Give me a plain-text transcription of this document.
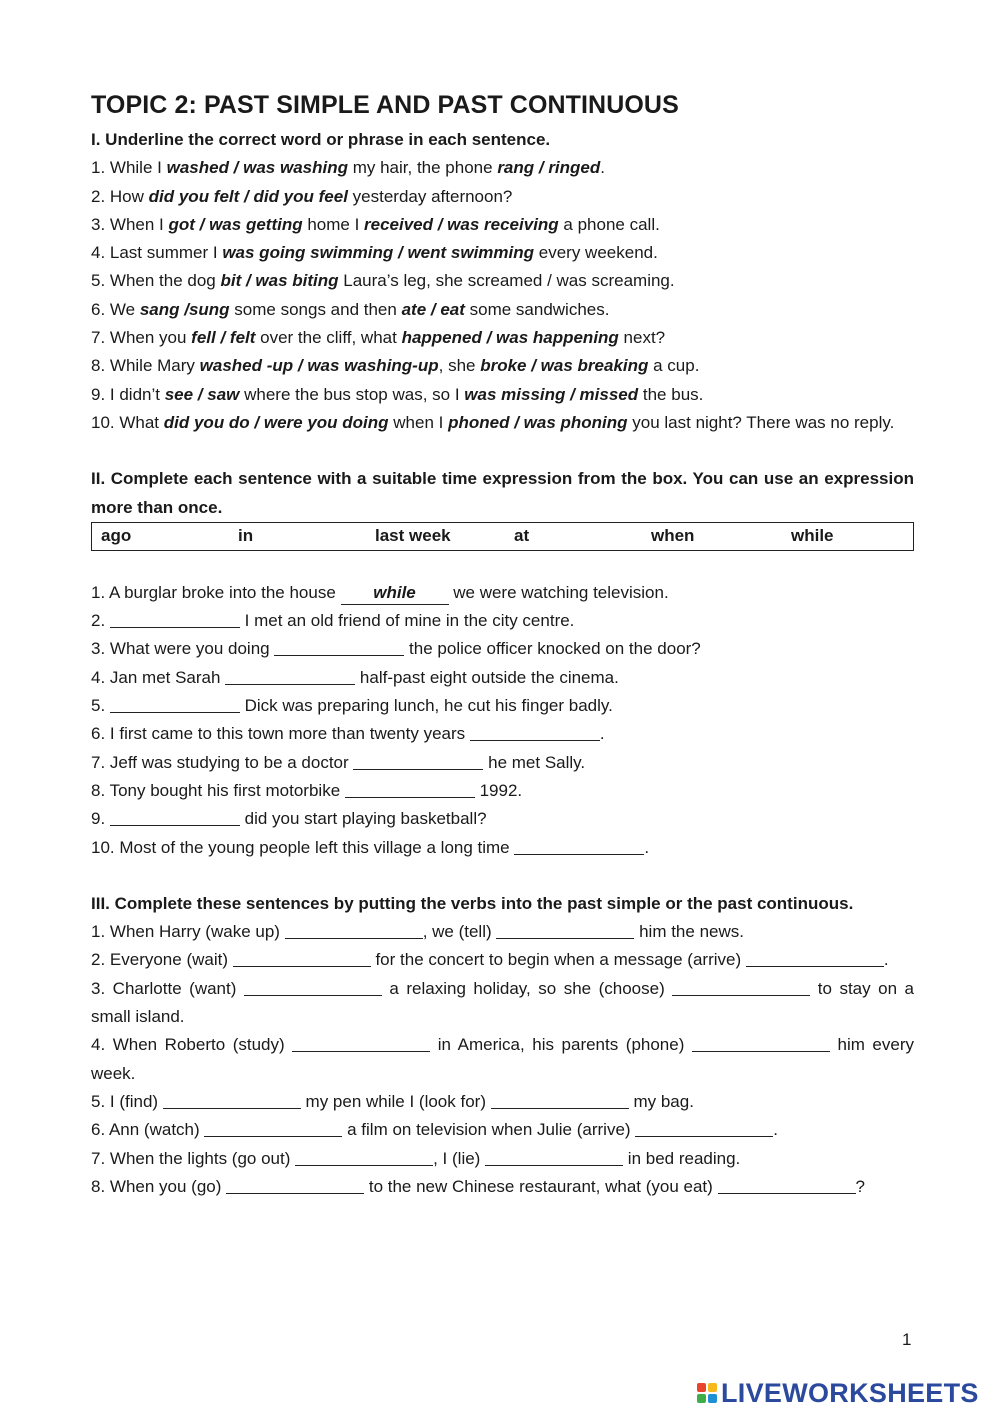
TOPIC 2: PAST SIMPLE AND PAST CONTINUOUS
I. Underline the correct word or phrase in each sentence.
1. While I washed / was washing my hair, the phone rang / ringed.
2. How did you felt / did you feel yesterday afternoon?
3. When I got / was getting home I received / was receiving a phone call.
4. Last summer I was going swimming / went swimming every weekend.
5. When the dog bit / was biting Laura’s leg, she screamed / was screaming.
6. We sang /sung some songs and then ate / eat some sandwiches.
7. When you fell / felt over the cliff, what happened / was happening next?
8. While Mary washed -up / was washing-up, she broke / was breaking a cup.
9. I didn’t see / saw where the bus stop was, so I was missing / missed the bus.
10. What did you do / were you doing when I phoned / was phoning you last night? There was no reply.
II. Complete each sentence with a suitable time expression from the box. You can use an expression more than once.
ago	in	last week	at	when	while
1. A burglar broke into the house while we were watching television.
2.	I met an old friend of mine in the city centre.
3. What were you doing	the police officer knocked on the door?
4. Jan met Sarah	half-past eight outside the cinema.
5.	Dick was preparing lunch, he cut his finger badly.
6. I first came to this town more than twenty years	.
7. Jeff was studying to be a doctor	he met Sally.
8. Tony bought his first motorbike	1992.
9.	did you start playing basketball?
10. Most of the young people left this village a long time	.
III. Complete these sentences by putting the verbs into the past simple or the past continuous.
1. When Harry (wake up)	, we (tell)	him the news.
2. Everyone (wait)	for the concert to begin when a message (arrive)	.
3. Charlotte (want)	a relaxing holiday, so she (choose)	to stay on a small island.
4. When Roberto (study)	in America, his parents (phone)	him every week.
5. I (find)	my pen while I (look for)	my bag.
6. Ann (watch)	a film on television when Julie (arrive)	.
7. When the lights (go out)	, I (lie)	in bed reading.
8. When you (go)	to the new Chinese restaurant, what (you eat)	?
1
LIVEWORKSHEETS
